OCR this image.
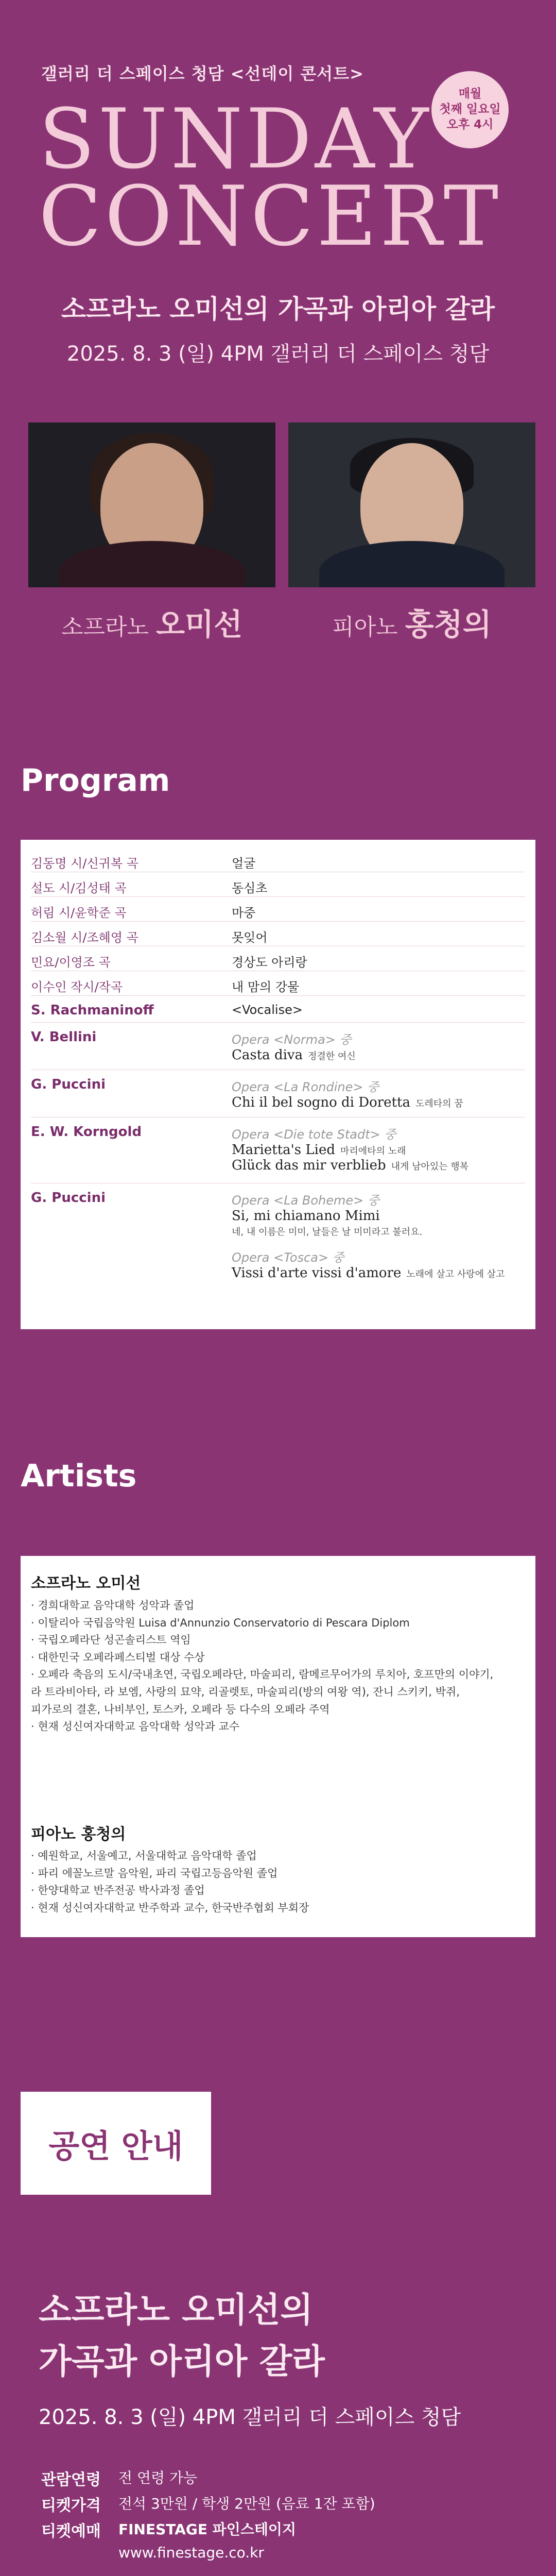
갤러리 더 스페이스 청담 <선데이 콘서트>
매월
첫째 일요일
오후 4시
SUNDAY
CONCERT
소프라노 오미선의 가곡과 아리아 갈라
2025. 8. 3 (일) 4PM 갤러리 더 스페이스 청담
소프라노 오미선	피아노 홍청의
Program
김동명 시/신귀복 곡	얼굴
설도 시/김성태 곡	동심초
허림 시/윤학준 곡	마중
김소월 시/조혜영 곡	못잊어
민요/이영조 곡	경상도 아리랑
이수인 작시/작곡	내 맘의 강물
S. Rachmaninoff	<Vocalise>
V. Bellini	Opera <Norma> 중
Casta diva 정결한 여신
G. Puccini	Opera <La Rondine> 중
Chi il bel sogno di Doretta 도레타의 꿈
E. W. Korngold	Opera <Die tote Stadt> 중
Marietta's Lied 마리에타의 노래
Glück das mir verblieb 내게 남아있는 행복
G. Puccini	Opera <La Boheme> 중
Si, mi chiamano Mimi
네, 내 이름은 미미, 날들은 날 미미라고 불러요.
Opera <Tosca> 중
Vissi d'arte vissi d'amore 노래에 살고 사랑에 살고
Artists
소프라노 오미선
· 경희대학교 음악대학 성악과 졸업
· 이탈리아 국립음악원 Luisa d'Annunzio Conservatorio di Pescara Diplom
· 국립오페라단 성곤솔리스트 역임
· 대한민국 오페라페스티벌 대상 수상
· 오페라 축음의 도시/국내초연, 국립오페라단, 마술피리, 람메르무어가의 루치아, 호프만의 이야기,
라 트라비아타, 라 보엠, 사랑의 묘약, 리골렛토, 마술피리(방의 여왕 역), 잔니 스키키, 박쥐,
피가로의 결혼, 나비부인, 토스카, 오페라 등 다수의 오페라 주역
· 현재 성신여자대학교 음악대학 성악과 교수
피아노 홍청의
· 예원학교, 서울예고, 서울대학교 음악대학 졸업
· 파리 에꼴노르말 음악원, 파리 국립고등음악원 졸업
· 한양대학교 반주전공 박사과정 졸업
· 현재 성신여자대학교 반주학과 교수, 한국반주협회 부회장
공연 안내
소프라노 오미선의
가곡과 아리아 갈라
2025. 8. 3 (일) 4PM 갤러리 더 스페이스 청담
관람연령 전 연령 가능
티켓가격 전석 3만원 / 학생 2만원 (음료 1잔 포함)
티켓예매 FINESTAGE 파인스테이지
www.finestage.co.kr
